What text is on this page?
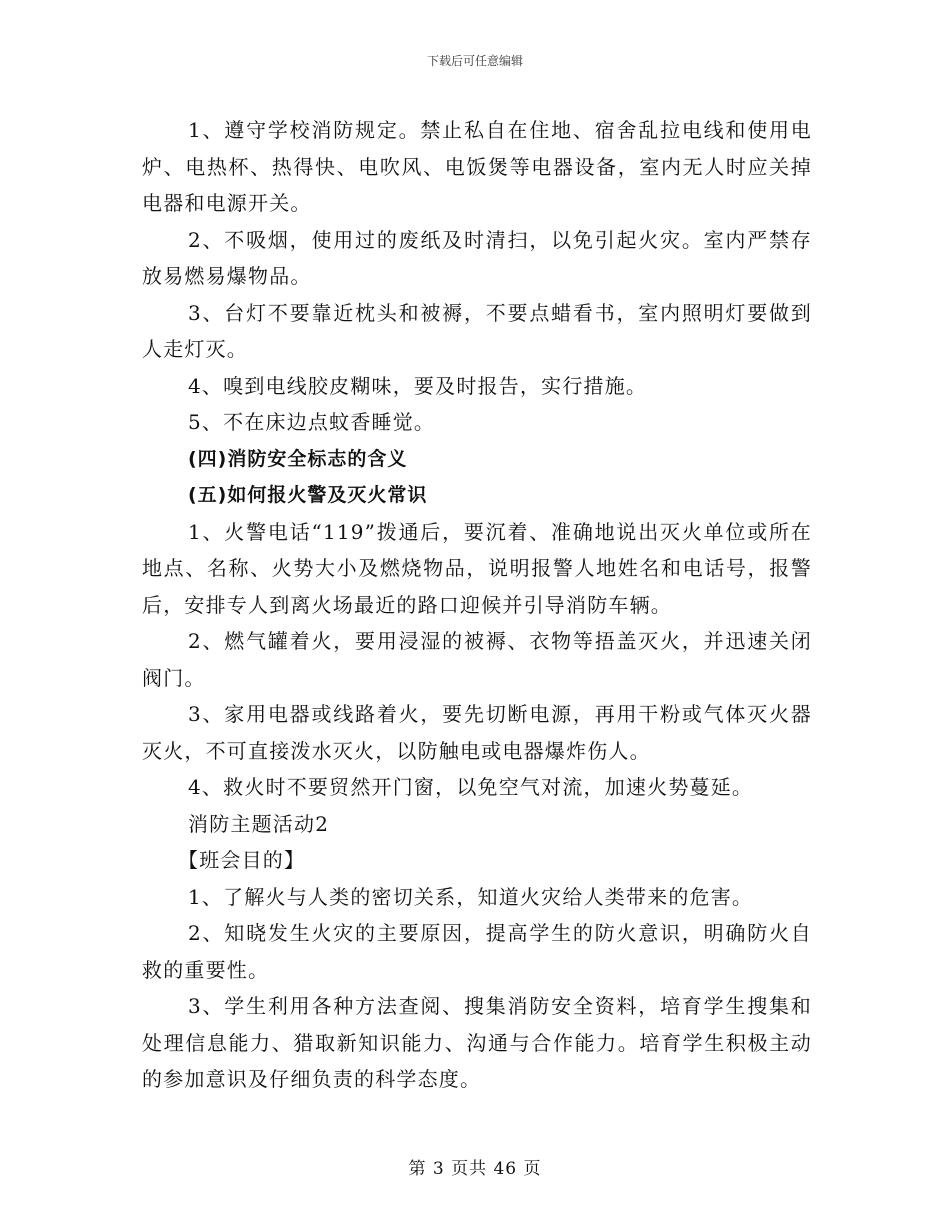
下载后可任意编辑

1、遵守学校消防规定。禁止私自在住地、宿舍乱拉电线和使用电炉、电热杯、热得快、电吹风、电饭煲等电器设备，室内无人时应关掉电器和电源开关。

2、不吸烟，使用过的废纸及时清扫，以免引起火灾。室内严禁存放易燃易爆物品。

3、台灯不要靠近枕头和被褥，不要点蜡看书，室内照明灯要做到人走灯灭。

4、嗅到电线胶皮糊味，要及时报告，实行措施。

5、不在床边点蚊香睡觉。

(四)消防安全标志的含义

(五)如何报火警及灭火常识

1、火警电话“119”拨通后，要沉着、准确地说出灭火单位或所在地点、名称、火势大小及燃烧物品，说明报警人地姓名和电话号，报警后，安排专人到离火场最近的路口迎候并引导消防车辆。

2、燃气罐着火，要用浸湿的被褥、衣物等捂盖灭火，并迅速关闭阀门。

3、家用电器或线路着火，要先切断电源，再用干粉或气体灭火器灭火，不可直接泼水灭火，以防触电或电器爆炸伤人。

4、救火时不要贸然开门窗，以免空气对流，加速火势蔓延。

消防主题活动2

【班会目的】

1、了解火与人类的密切关系，知道火灾给人类带来的危害。

2、知晓发生火灾的主要原因，提高学生的防火意识，明确防火自救的重要性。

3、学生利用各种方法查阅、搜集消防安全资料，培育学生搜集和处理信息能力、猎取新知识能力、沟通与合作能力。培育学生积极主动的参加意识及仔细负责的科学态度。

第 3 页共 46 页
